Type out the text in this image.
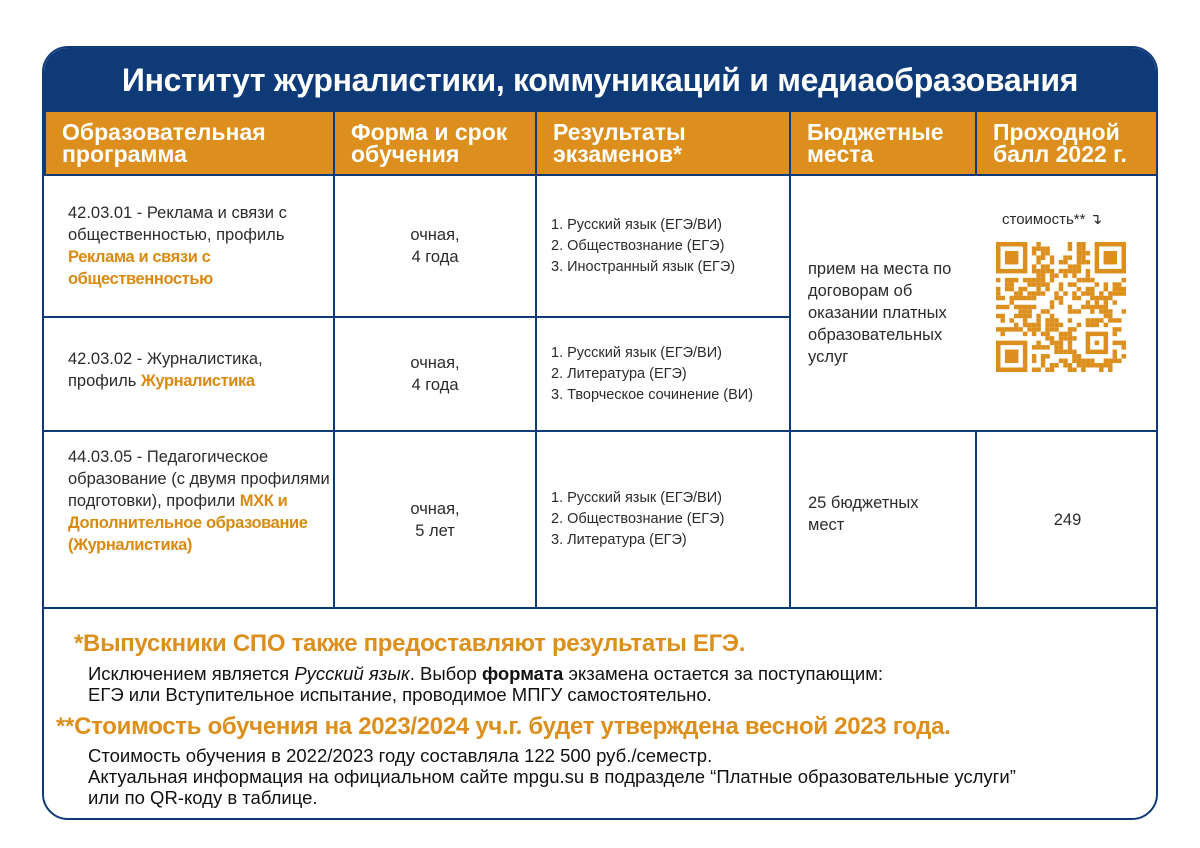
Институт журналистики, коммуникаций и медиаобразования
Образовательная
программа
Форма и срок
обучения
Результаты
экзаменов*
Бюджетные
места
Проходной
балл 2022 г.
42.03.01 - Реклама и связи с общественностью, профиль Реклама и связи с общественностью
очная,
4 года
1. Русский язык (ЕГЭ/ВИ)
2. Обществознание (ЕГЭ)
3. Иностранный язык (ЕГЭ)
42.03.02 - Журналистика, профиль Журналистика
очная,
4 года
1. Русский язык (ЕГЭ/ВИ)
2. Литература (ЕГЭ)
3. Творческое сочинение (ВИ)
прием на места по договорам об оказании платных образовательных услуг
стоимость** ↴
44.03.05 - Педагогическое образование (с двумя профилями подготовки), профили МХК и Дополнительное образование (Журналистика)
очная,
5 лет
1. Русский язык (ЕГЭ/ВИ)
2. Обществознание (ЕГЭ)
3. Литература (ЕГЭ)
25 бюджетных мест	249
*Выпускники СПО также предоставляют результаты ЕГЭ.
Исключением является Русский язык. Выбор формата экзамена остается за поступающим:
ЕГЭ или Вступительное испытание, проводимое МПГУ самостоятельно.
**Стоимость обучения на 2023/2024 уч.г. будет утверждена весной 2023 года.
Стоимость обучения в 2022/2023 году составляла 122 500 руб./семестр.
Актуальная информация на официальном сайте mpgu.su в подразделе “Платные образовательные услуги”
или по QR-коду в таблице.
